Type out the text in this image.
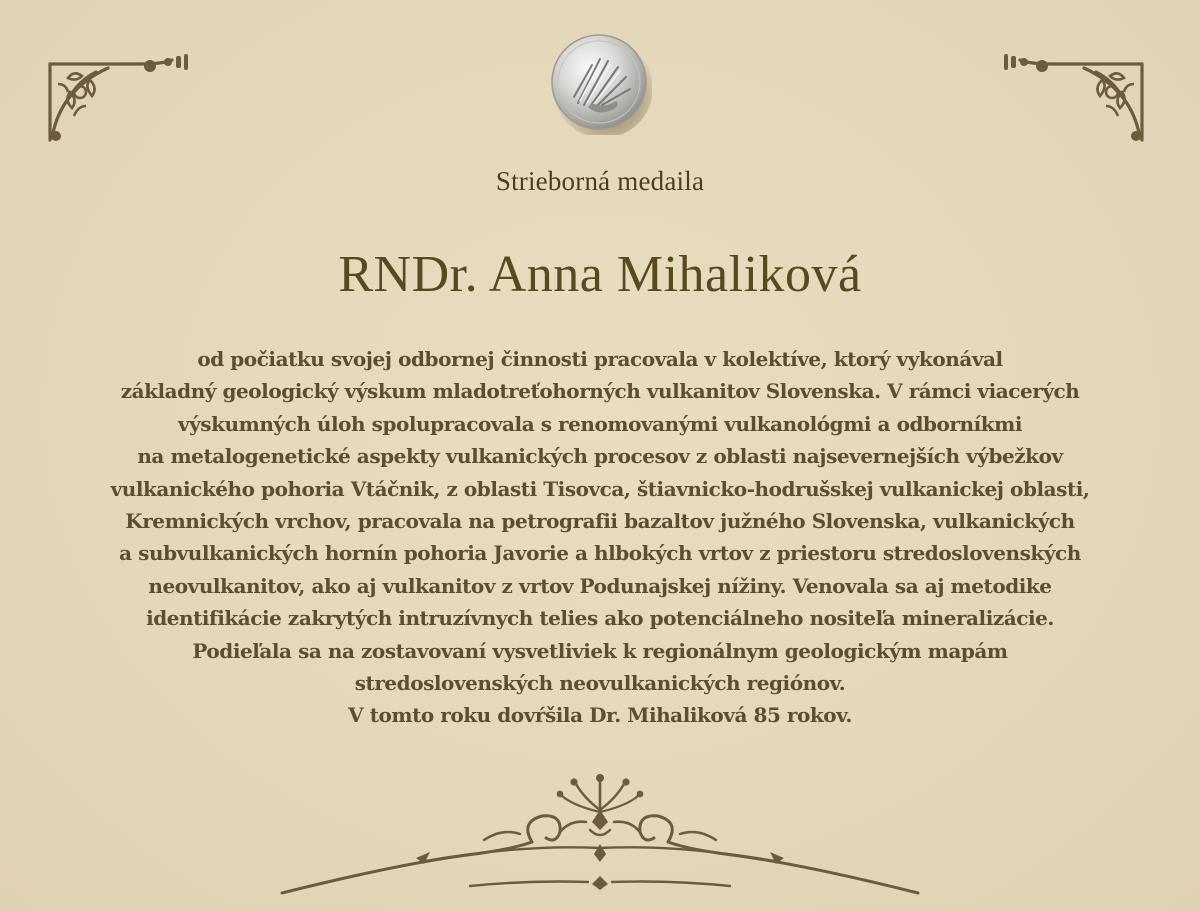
Strieborná medaila
RNDr. Anna Mihaliková
od počiatku svojej odbornej činnosti pracovala v kolektíve, ktorý vykonával
základný geologický výskum mladotreťohorných vulkanitov Slovenska. V rámci viacerých
výskumných úloh spolupracovala s renomovanými vulkanológmi a odborníkmi
na metalogenetické aspekty vulkanických procesov z oblasti najsevernejších výbežkov
vulkanického pohoria Vtáčnik, z oblasti Tisovca, štiavnicko-hodrušskej vulkanickej oblasti,
Kremnických vrchov, pracovala na petrografii bazaltov južného Slovenska, vulkanických
a subvulkanických hornín pohoria Javorie a hlbokých vrtov z priestoru stredoslovenských
neovulkanitov, ako aj vulkanitov z vrtov Podunajskej nížiny. Venovala sa aj metodike
identifikácie zakrytých intruzívnych telies ako potenciálneho nositeľa mineralizácie.
Podieľala sa na zostavovaní vysvetliviek k regionálnym geologickým mapám
stredoslovenských neovulkanických regiónov.
V tomto roku dovŕšila Dr. Mihaliková 85 rokov.
